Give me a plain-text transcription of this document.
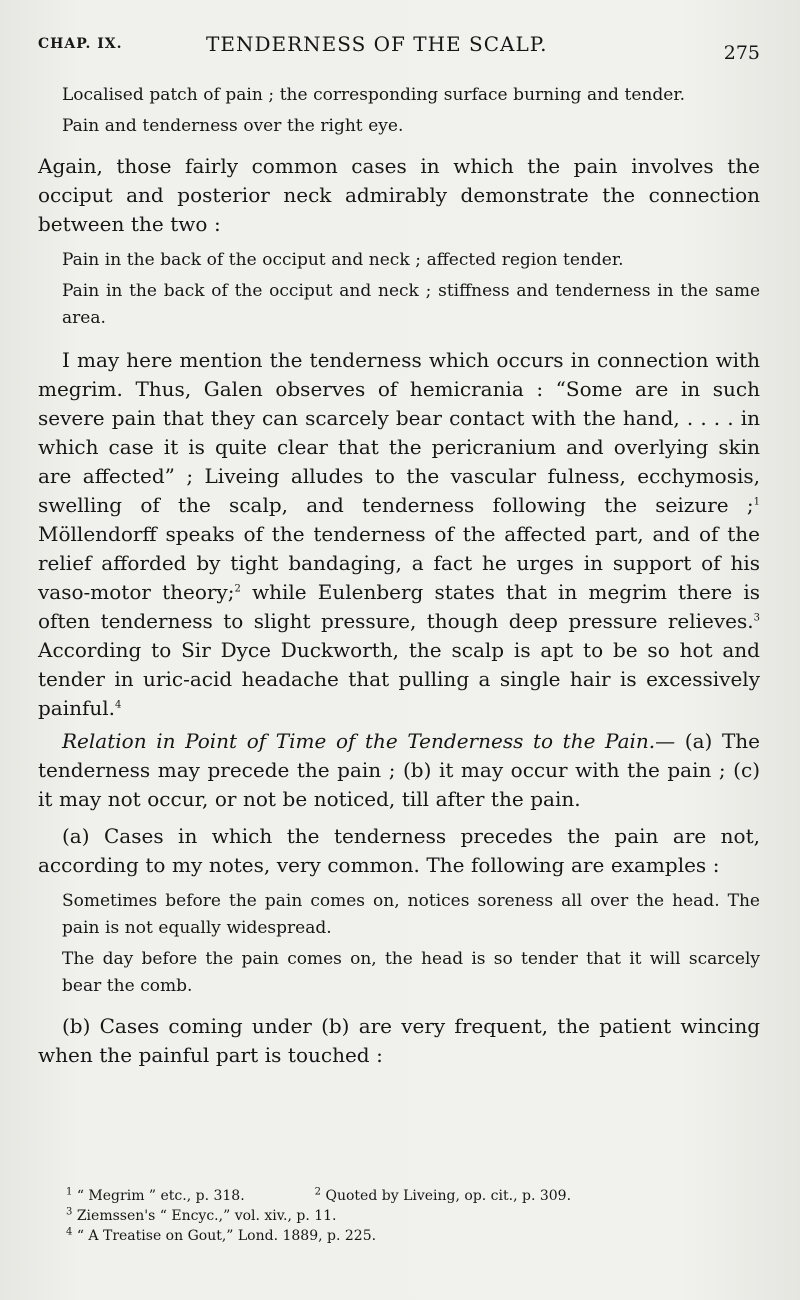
CHAP. IX.	TENDERNESS OF THE SCALP.	275

Localised patch of pain ; the corresponding surface burning and tender.

Pain and tenderness over the right eye.

Again, those fairly common cases in which the pain involves the occiput and posterior neck admirably demonstrate the connection between the two :

Pain in the back of the occiput and neck ; affected region tender.

Pain in the back of the occiput and neck ; stiffness and tenderness in the same area.

I may here mention the tenderness which occurs in connection with megrim. Thus, Galen observes of hemicrania : “Some are in such severe pain that they can scarcely bear contact with the hand, . . . . in which case it is quite clear that the pericranium and overlying skin are affected” ; Liveing alludes to the vascular fulness, ecchymosis, swelling of the scalp, and tenderness following the seizure ;$^1$ Möllendorff speaks of the tenderness of the affected part, and of the relief afforded by tight bandaging, a fact he urges in support of his vaso-motor theory;$^2$ while Eulenberg states that in megrim there is often tenderness to slight pressure, though deep pressure relieves.$^3$ According to Sir Dyce Duckworth, the scalp is apt to be so hot and tender in uric-acid headache that pulling a single hair is excessively painful.$^4$

Relation in Point of Time of the Tenderness to the Pain.— (a) The tenderness may precede the pain ; (b) it may occur with the pain ; (c) it may not occur, or not be noticed, till after the pain.

(a) Cases in which the tenderness precedes the pain are not, according to my notes, very common. The following are examples :

Sometimes before the pain comes on, notices soreness all over the head. The pain is not equally widespread.

The day before the pain comes on, the head is so tender that it will scarcely bear the comb.

(b) Cases coming under (b) are very frequent, the patient wincing when the painful part is touched :

$^1$ “ Megrim ” etc., p. 318.	$^2$ Quoted by Liveing, op. cit., p. 309.
$^3$ Ziemssen's “ Encyc.,” vol. xiv., p. 11.
$^4$ “ A Treatise on Gout,” Lond. 1889, p. 225.
